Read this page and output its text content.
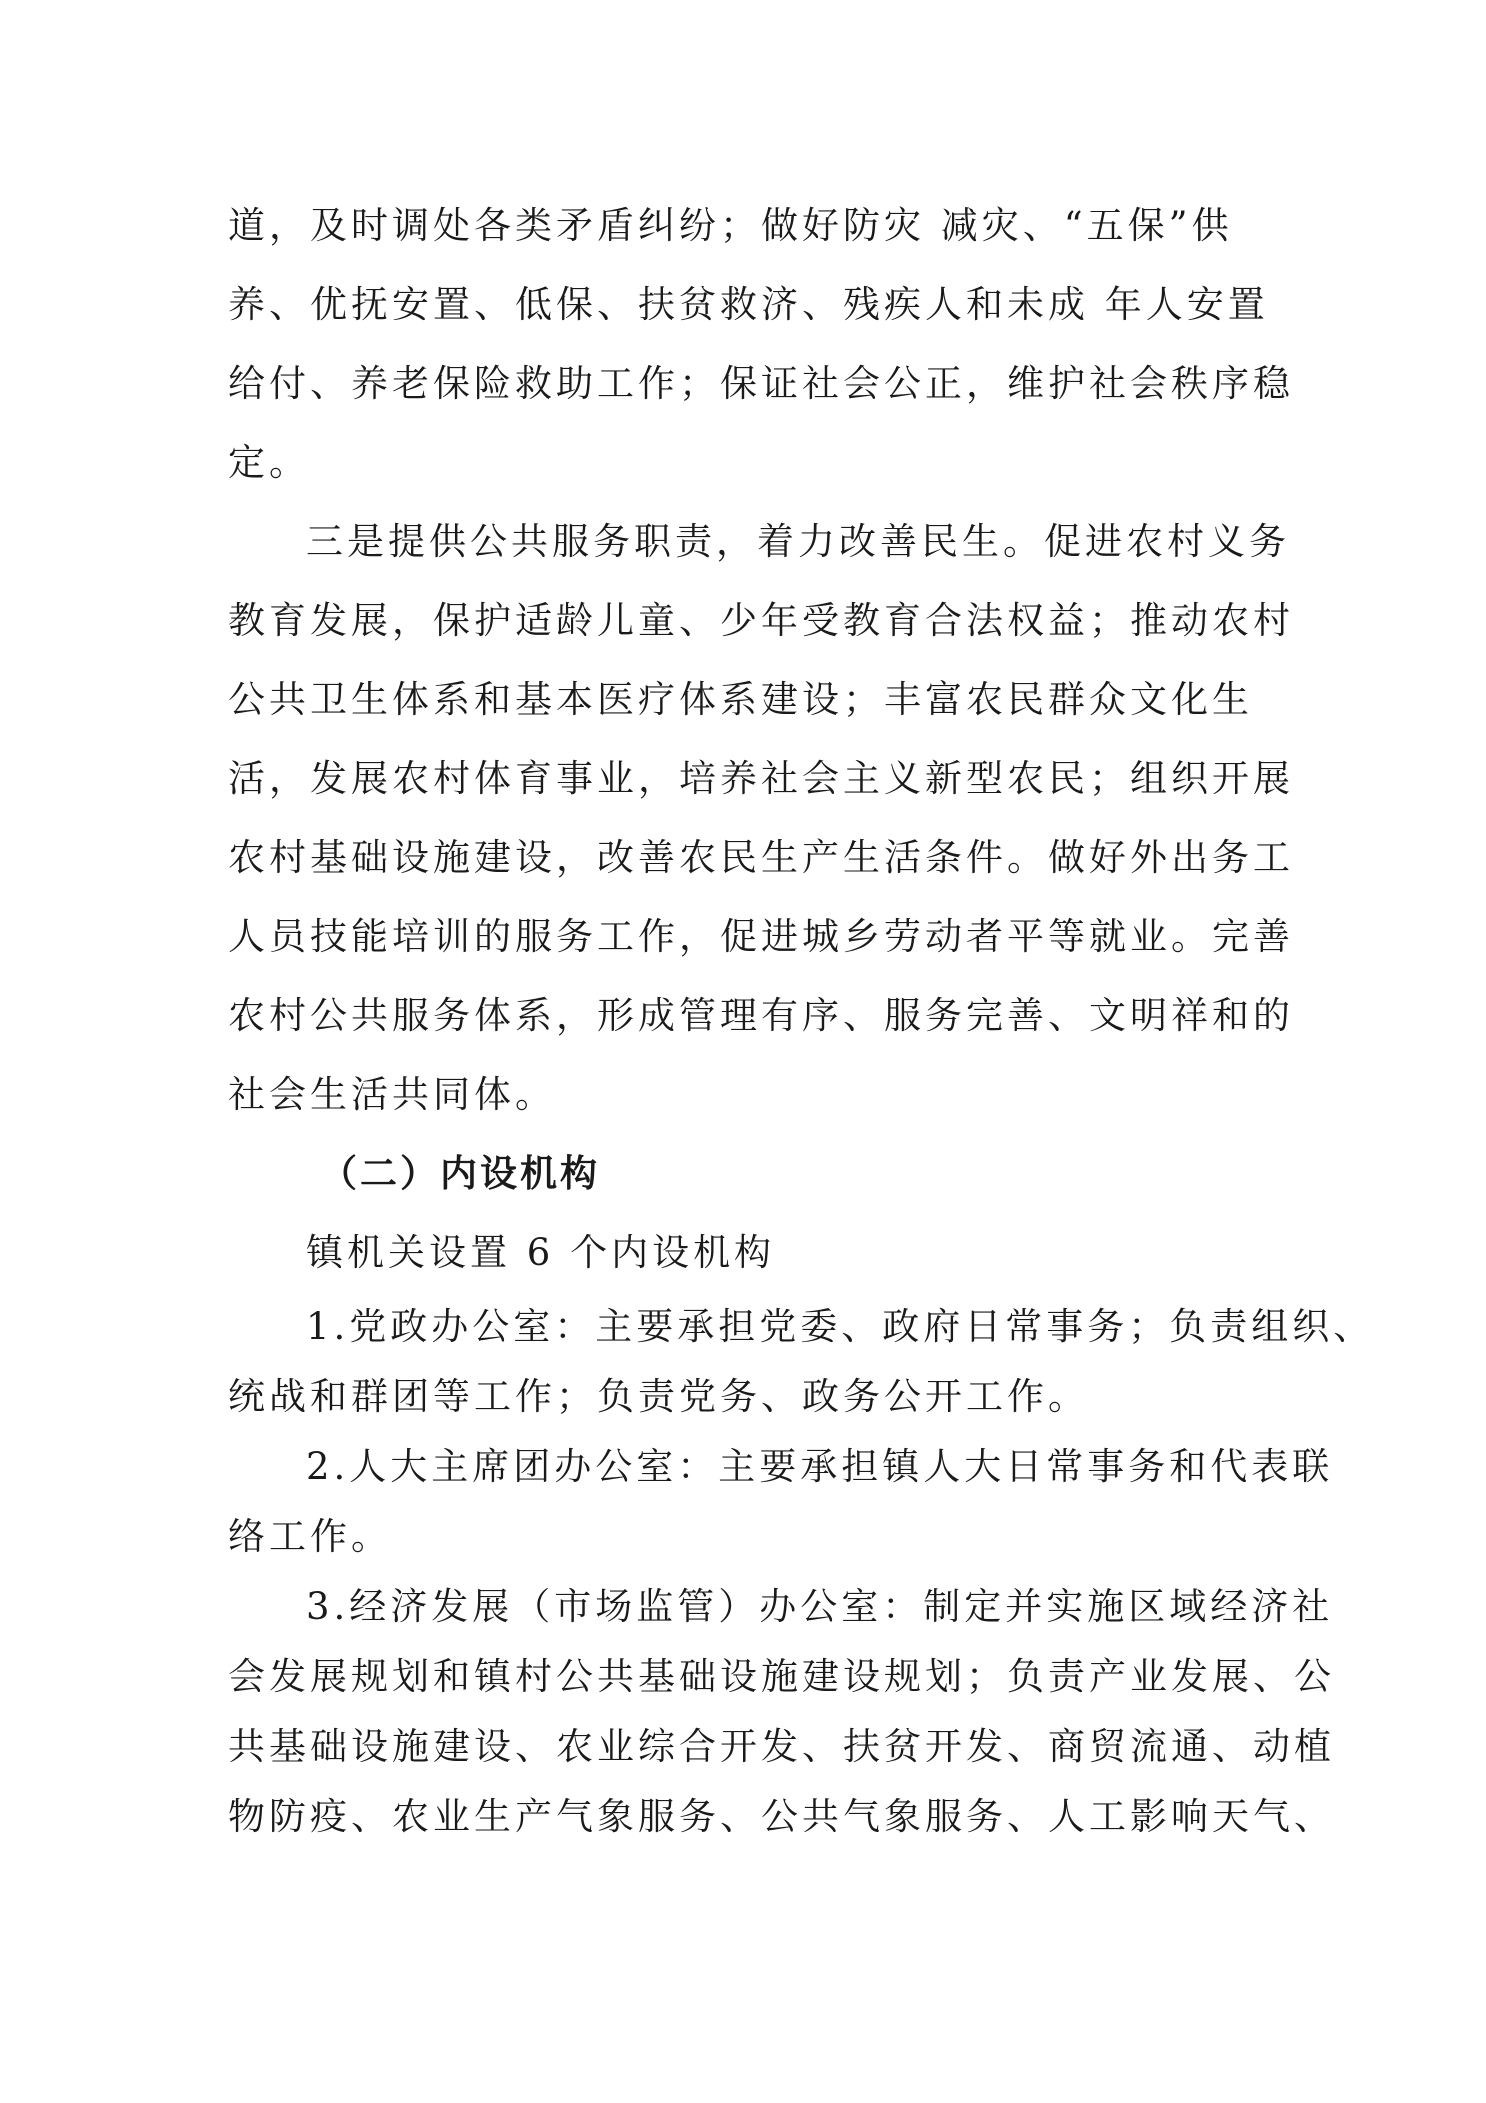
道，及时调处各类矛盾纠纷；做好防灾 减灾、“五保”供
养、优抚安置、低保、扶贫救济、残疾人和未成 年人安置
给付、养老保险救助工作；保证社会公正，维护社会秩序稳
定。
三是提供公共服务职责，着力改善民生。促进农村义务
教育发展，保护适龄儿童、少年受教育合法权益；推动农村
公共卫生体系和基本医疗体系建设；丰富农民群众文化生
活，发展农村体育事业，培养社会主义新型农民；组织开展
农村基础设施建设，改善农民生产生活条件。做好外出务工
人员技能培训的服务工作，促进城乡劳动者平等就业。完善
农村公共服务体系，形成管理有序、服务完善、文明祥和的
社会生活共同体。
（二）内设机构
镇机关设置 6 个内设机构
1.党政办公室：主要承担党委、政府日常事务；负责组织、
统战和群团等工作；负责党务、政务公开工作。
2.人大主席团办公室：主要承担镇人大日常事务和代表联
络工作。
3.经济发展（市场监管）办公室：制定并实施区域经济社
会发展规划和镇村公共基础设施建设规划；负责产业发展、公
共基础设施建设、农业综合开发、扶贫开发、商贸流通、动植
物防疫、农业生产气象服务、公共气象服务、人工影响天气、
